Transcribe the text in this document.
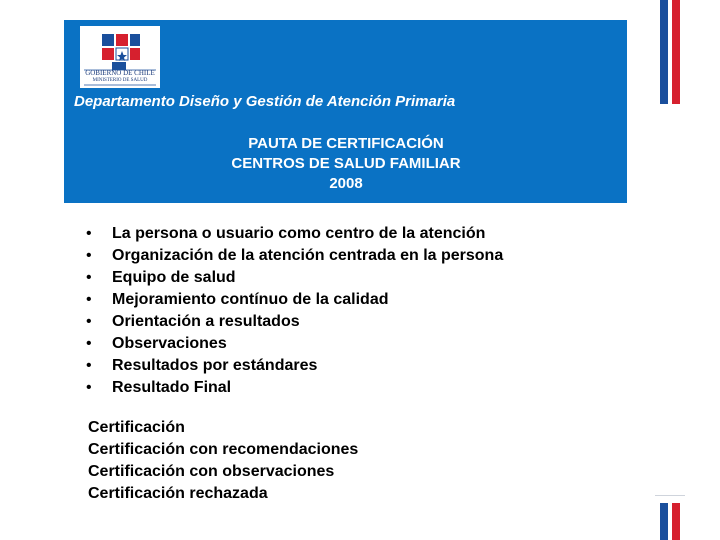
GOBIERNO DE CHILE
MINISTERIO DE SALUD
Departamento Diseño y Gestión de Atención Primaria
PAUTA DE CERTIFICACIÓN
CENTROS DE SALUD FAMILIAR
2008
• La persona o usuario como centro de la atención
• Organización de la atención centrada en la persona
• Equipo de salud
• Mejoramiento contínuo de la calidad
• Orientación a resultados
• Observaciones
• Resultados por estándares
• Resultado Final
Certificación
Certificación con recomendaciones
Certificación con observaciones
Certificación rechazada
